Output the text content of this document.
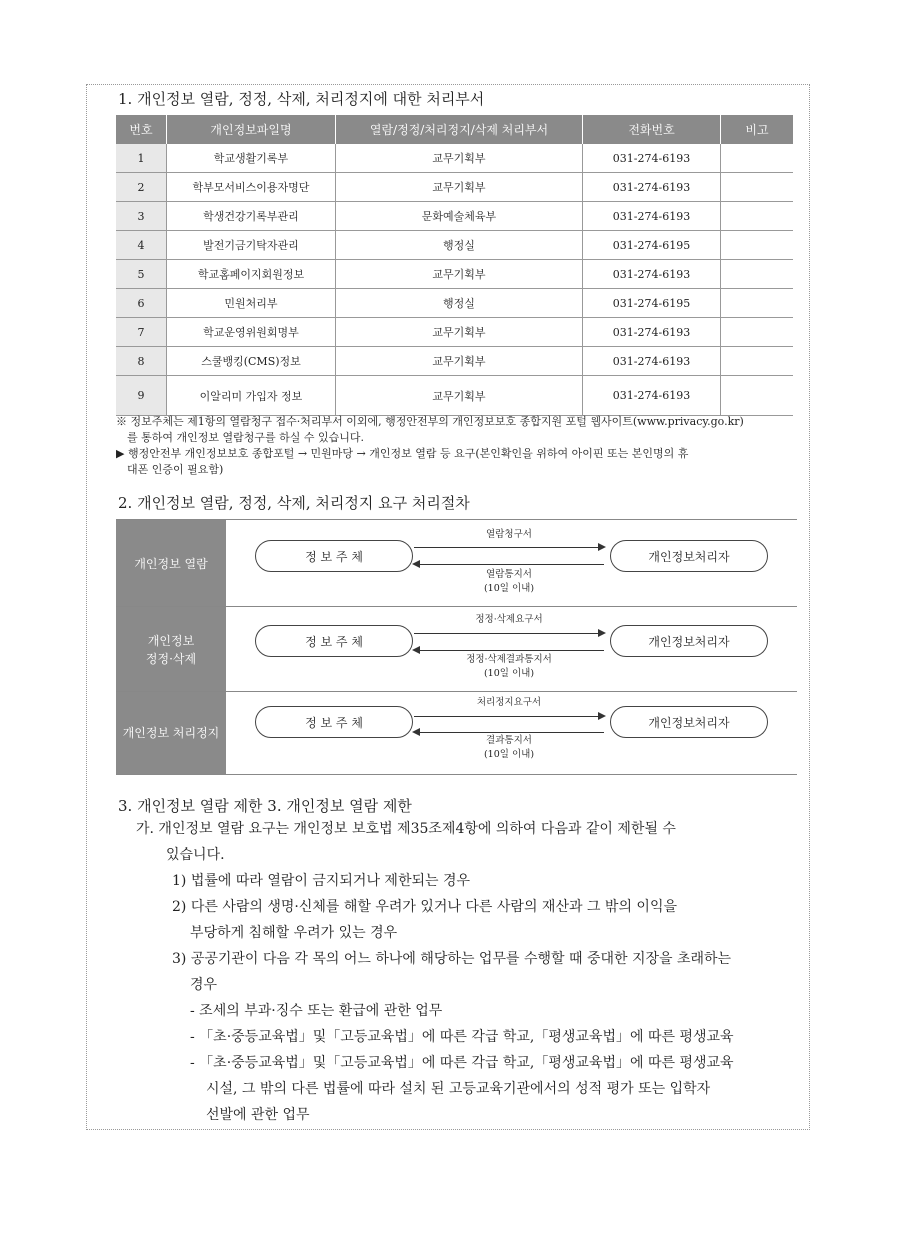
1. 개인정보 열람, 정정, 삭제, 처리정지에 대한 처리부서
번호	개인정보파일명	열람/정정/처리정지/삭제 처리부서	전화번호	비고
1	학교생활기록부	교무기획부	031-274-6193	
2	학부모서비스이용자명단	교무기획부	031-274-6193	
3	학생건강기록부관리	문화예술체육부	031-274-6193	
4	발전기금기탁자관리	행정실	031-274-6195	
5	학교홈페이지회원정보	교무기획부	031-274-6193	
6	민원처리부	행정실	031-274-6195	
7	학교운영위원회명부	교무기획부	031-274-6193	
8	스쿨뱅킹(CMS)정보	교무기획부	031-274-6193	
9	이알리미 가입자 정보	교무기획부	031-274-6193	
※ 정보주체는 제1항의 열람청구 접수·처리부서 이외에, 행정안전부의 개인정보보호 종합지원 포털 웹사이트(www.privacy.go.kr)
를 통하여 개인정보 열람청구를 하실 수 있습니다.
▶ 행정안전부 개인정보보호 종합포털 → 민원마당 → 개인정보 열람 등 요구(본인확인을 위하여 아이핀 또는 본인명의 휴
대폰 인증이 필요함)
2. 개인정보 열람, 정정, 삭제, 처리정지 요구 처리절차
개인정보 열람	정 보 주 체	개인정보처리자
열람청구서
열람통지서
(10일 이내)
개인정보
정정·삭제
정 보 주 체	개인정보처리자
정정·삭제요구서
정정·삭제결과통지서
(10일 이내)
개인정보 처리정지
정 보 주 체	개인정보처리자
처리정지요구서
결과통지서
(10일 이내)
3. 개인정보 열람 제한 3. 개인정보 열람 제한
가. 개인정보 열람 요구는 개인정보 보호법 제35조제4항에 의하여 다음과 같이 제한될 수
있습니다.
1) 법률에 따라 열람이 금지되거나 제한되는 경우
2) 다른 사람의 생명·신체를 해할 우려가 있거나 다른 사람의 재산과 그 밖의 이익을
부당하게 침해할 우려가 있는 경우
3) 공공기관이 다음 각 목의 어느 하나에 해당하는 업무를 수행할 때 중대한 지장을 초래하는
경우
- 조세의 부과·징수 또는 환급에 관한 업무
- 「초·중등교육법」및「고등교육법」에 따른 각급 학교,「평생교육법」에 따른 평생교육
- 「초·중등교육법」및「고등교육법」에 따른 각급 학교,「평생교육법」에 따른 평생교육
시설, 그 밖의 다른 법률에 따라 설치 된 고등교육기관에서의 성적 평가 또는 입학자
선발에 관한 업무
